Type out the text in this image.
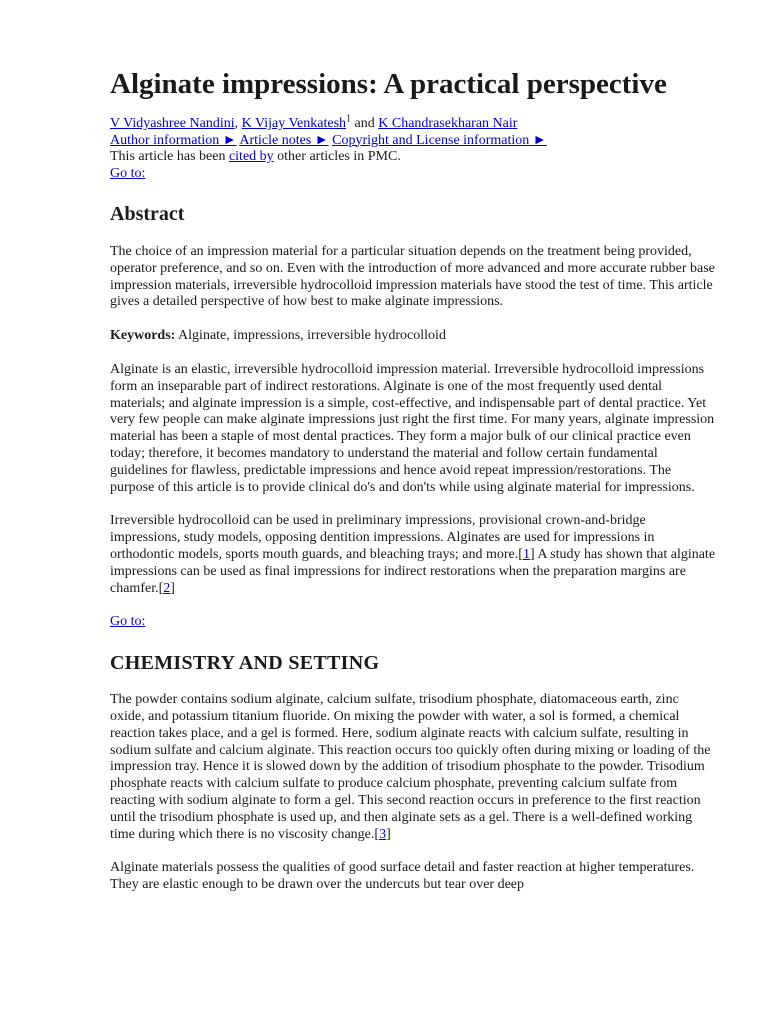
Alginate impressions: A practical perspective
V Vidyashree Nandini, K Vijay Venkatesh$^1$ and K Chandrasekharan Nair
Author information ► Article notes ► Copyright and License information ►
This article has been cited by other articles in PMC.
Go to:
Abstract

The choice of an impression material for a particular situation depends on the treatment being provided, operator preference, and so on. Even with the introduction of more advanced and more accurate rubber base impression materials, irreversible hydrocolloid impression materials have stood the test of time. This article gives a detailed perspective of how best to make alginate impressions.

Keywords: Alginate, impressions, irreversible hydrocolloid

Alginate is an elastic, irreversible hydrocolloid impression material. Irreversible hydrocolloid impressions form an inseparable part of indirect restorations. Alginate is one of the most frequently used dental materials; and alginate impression is a simple, cost-effective, and indispensable part of dental practice. Yet very few people can make alginate impressions just right the first time. For many years, alginate impression material has been a staple of most dental practices. They form a major bulk of our clinical practice even today; therefore, it becomes mandatory to understand the material and follow certain fundamental guidelines for flawless, predictable impressions and hence avoid repeat impression/restorations. The purpose of this article is to provide clinical do's and don'ts while using alginate material for impressions.

Irreversible hydrocolloid can be used in preliminary impressions, provisional crown-and-bridge impressions, study models, opposing dentition impressions. Alginates are used for impressions in orthodontic models, sports mouth guards, and bleaching trays; and more.[1] A study has shown that alginate impressions can be used as final impressions for indirect restorations when the preparation margins are chamfer.[2]

Go to:
CHEMISTRY AND SETTING

The powder contains sodium alginate, calcium sulfate, trisodium phosphate, diatomaceous earth, zinc oxide, and potassium titanium fluoride. On mixing the powder with water, a sol is formed, a chemical reaction takes place, and a gel is formed. Here, sodium alginate reacts with calcium sulfate, resulting in sodium sulfate and calcium alginate. This reaction occurs too quickly often during mixing or loading of the impression tray. Hence it is slowed down by the addition of trisodium phosphate to the powder. Trisodium phosphate reacts with calcium sulfate to produce calcium phosphate, preventing calcium sulfate from reacting with sodium alginate to form a gel. This second reaction occurs in preference to the first reaction until the trisodium phosphate is used up, and then alginate sets as a gel. There is a well-defined working time during which there is no viscosity change.[3]

Alginate materials possess the qualities of good surface detail and faster reaction at higher temperatures. They are elastic enough to be drawn over the undercuts but tear over deep
